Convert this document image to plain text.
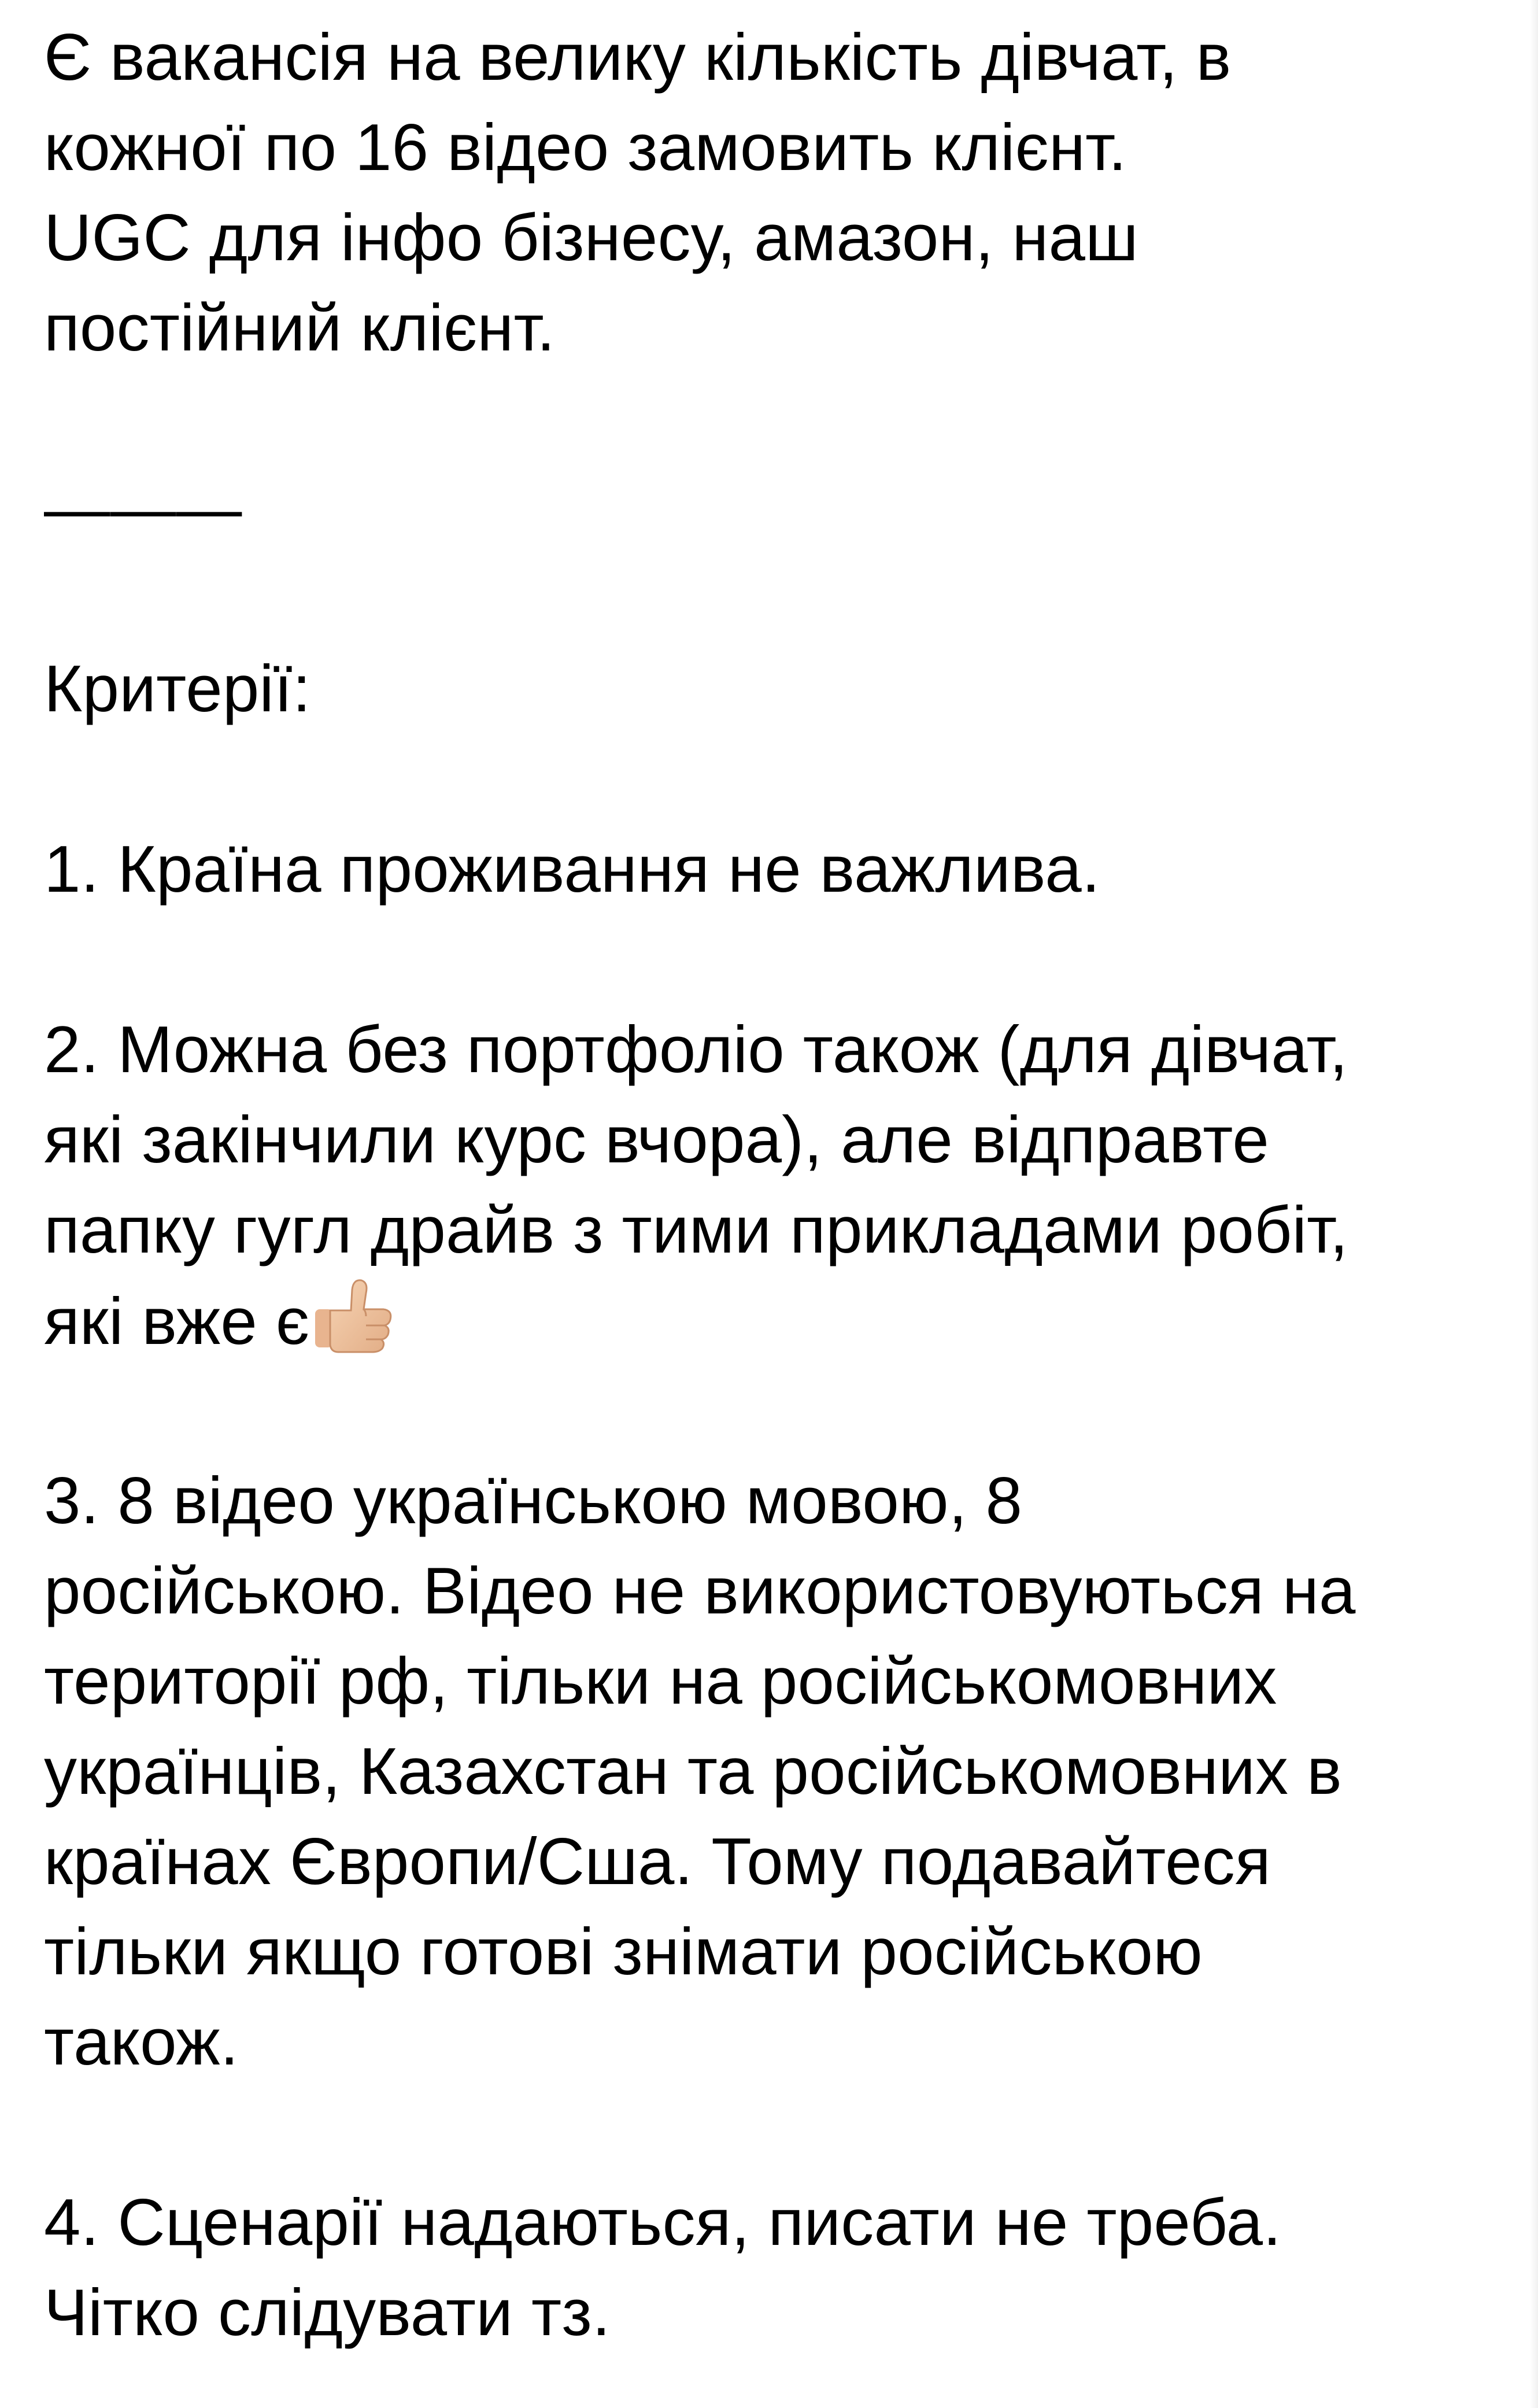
Є вакансія на велику кількість дівчат, в
кожної по 16 відео замовить клієнт.
UGC для інфо бізнесу, амазон, наш
постійний клієнт.
———
Критерії:
1. Країна проживання не важлива.
2. Можна без портфоліо також (для дівчат,
які закінчили курс вчора), але відправте
папку гугл драйв з тими прикладами робіт,
які вже є
3. 8 відео українською мовою, 8
російською. Відео не використовуються на
території рф, тільки на російськомовних
українців, Казахстан та російськомовних в
країнах Європи/Сша. Тому подавайтеся
тільки якщо готові знімати російською
також.
4. Сценарії надаються, писати не треба.
Чітко слідувати тз.
